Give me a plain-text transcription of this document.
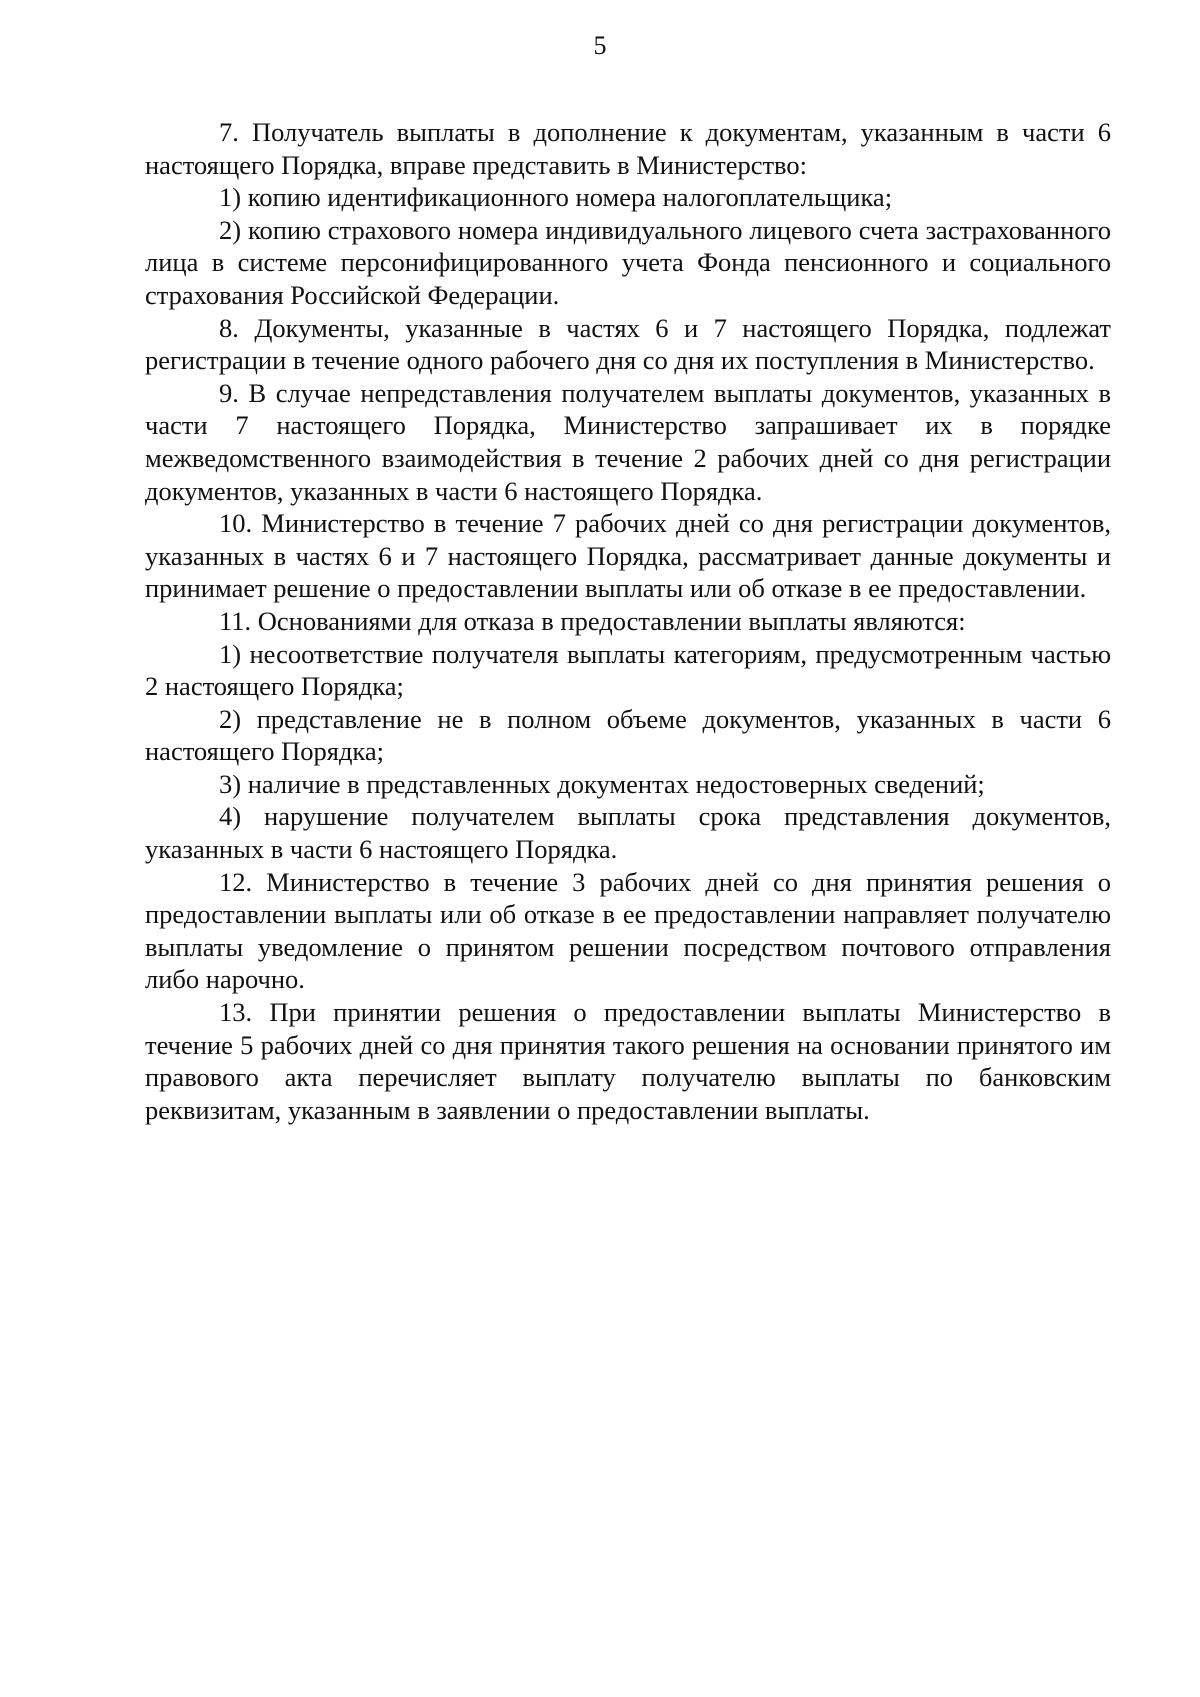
5

7. Получатель выплаты в дополнение к документам, указанным в части 6 настоящего Порядка, вправе представить в Министерство:

1) копию идентификационного номера налогоплательщика;

2) копию страхового номера индивидуального лицевого счета застрахованного лица в системе персонифицированного учета Фонда пенсионного и социального страхования Российской Федерации.

8. Документы, указанные в частях 6 и 7 настоящего Порядка, подлежат регистрации в течение одного рабочего дня со дня их поступления в Министерство.

9. В случае непредставления получателем выплаты документов, указанных в части 7 настоящего Порядка, Министерство запрашивает их в порядке межведомственного взаимодействия в течение 2 рабочих дней со дня регистрации документов, указанных в части 6 настоящего Порядка.

10. Министерство в течение 7 рабочих дней со дня регистрации документов, указанных в частях 6 и 7 настоящего Порядка, рассматривает данные документы и принимает решение о предоставлении выплаты или об отказе в ее предоставлении.

11. Основаниями для отказа в предоставлении выплаты являются:

1) несоответствие получателя выплаты категориям, предусмотренным частью 2 настоящего Порядка;

2) представление не в полном объеме документов, указанных в части 6 настоящего Порядка;

3) наличие в представленных документах недостоверных сведений;

4) нарушение получателем выплаты срока представления документов, указанных в части 6 настоящего Порядка.

12. Министерство в течение 3 рабочих дней со дня принятия решения о предоставлении выплаты или об отказе в ее предоставлении направляет получателю выплаты уведомление о принятом решении посредством почтового отправления либо нарочно.

13. При принятии решения о предоставлении выплаты Министерство в течение 5 рабочих дней со дня принятия такого решения на основании принятого им правового акта перечисляет выплату получателю выплаты по банковским реквизитам, указанным в заявлении о предоставлении выплаты.
